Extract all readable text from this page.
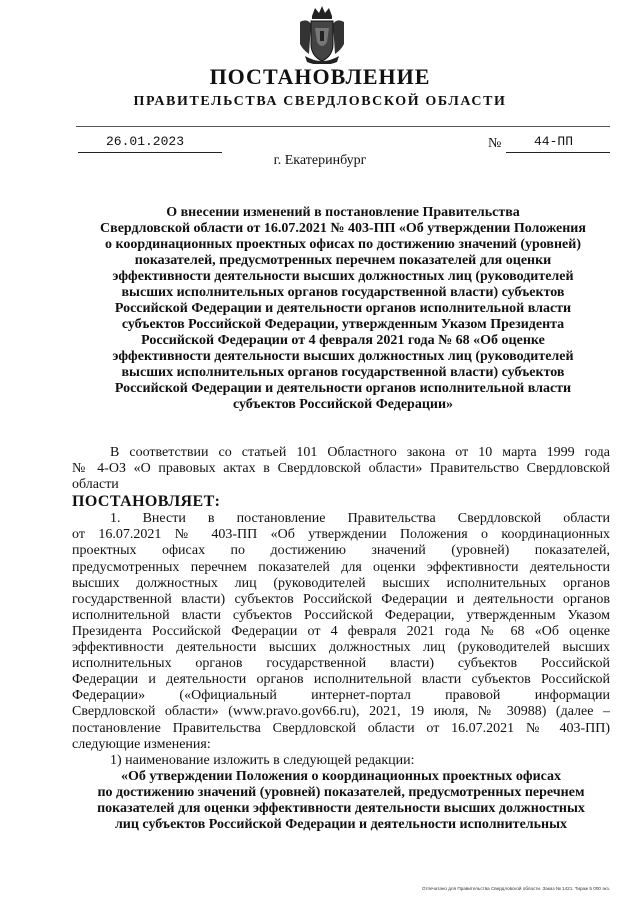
ПОСТАНОВЛЕНИЕ
ПРАВИТЕЛЬСТВА СВЕРДЛОВСКОЙ ОБЛАСТИ
26.01.2023	№	44-ПП
г. Екатеринбург
О внесении изменений в постановление Правительства
Свердловской области от 16.07.2021 № 403-ПП «Об утверждении Положения
о координационных проектных офисах по достижению значений (уровней)
показателей, предусмотренных перечнем показателей для оценки
эффективности деятельности высших должностных лиц (руководителей
высших исполнительных органов государственной власти) субъектов
Российской Федерации и деятельности органов исполнительной власти
субъектов Российской Федерации, утвержденным Указом Президента
Российской Федерации от 4 февраля 2021 года № 68 «Об оценке
эффективности деятельности высших должностных лиц (руководителей
высших исполнительных органов государственной власти) субъектов
Российской Федерации и деятельности органов исполнительной власти
субъектов Российской Федерации»
В соответствии со статьей 101 Областного закона от 10 марта 1999 года
№ 4-ОЗ «О правовых актах в Свердловской области» Правительство Свердловской
области
ПОСТАНОВЛЯЕТ:
1. Внести в постановление Правительства Свердловской области
от 16.07.2021 № 403-ПП «Об утверждении Положения о координационных
проектных офисах по достижению значений (уровней) показателей,
предусмотренных перечнем показателей для оценки эффективности деятельности
высших должностных лиц (руководителей высших исполнительных органов
государственной власти) субъектов Российской Федерации и деятельности органов
исполнительной власти субъектов Российской Федерации, утвержденным Указом
Президента Российской Федерации от 4 февраля 2021 года № 68 «Об оценке
эффективности деятельности высших должностных лиц (руководителей высших
исполнительных органов государственной власти) субъектов Российской
Федерации и деятельности органов исполнительной власти субъектов Российской
Федерации» («Официальный интернет-портал правовой информации
Свердловской области» (www.pravo.gov66.ru), 2021, 19 июля, № 30988) (далее –
постановление Правительства Свердловской области от 16.07.2021 № 403-ПП)
следующие изменения:
1) наименование изложить в следующей редакции:
«Об утверждении Положения о координационных проектных офисах
по достижению значений (уровней) показателей, предусмотренных перечнем
показателей для оценки эффективности деятельности высших должностных
лиц субъектов Российской Федерации и деятельности исполнительных
Отпечатано для Правительства Свердловской области. Заказ № 1421. Тираж 5 000 экз.
